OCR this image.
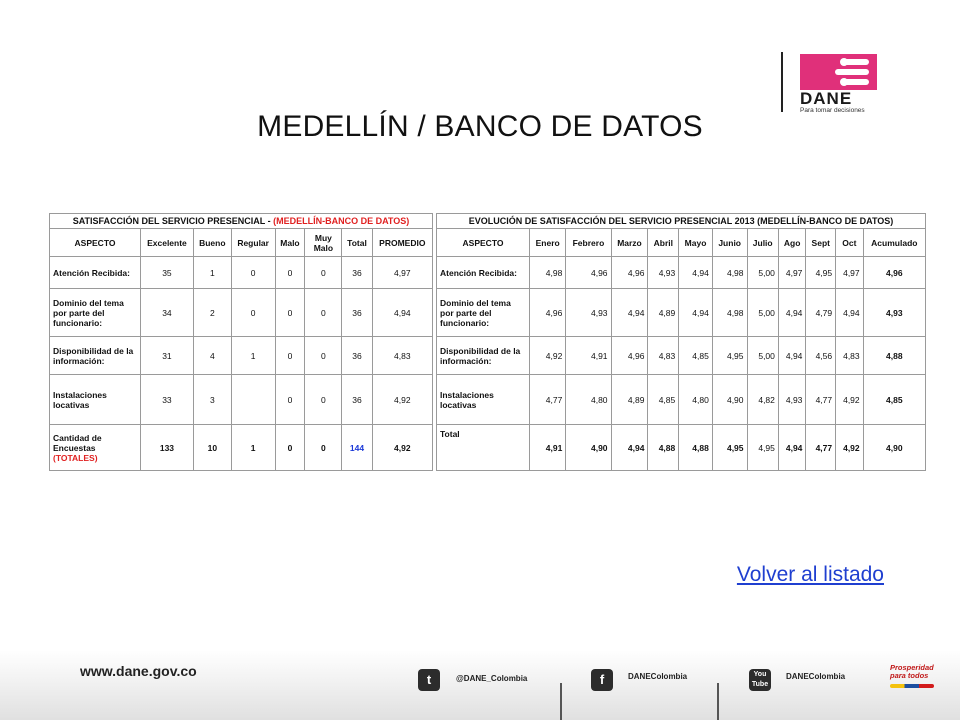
DANE
Para tomar decisiones
MEDELLÍN / BANCO DE DATOS
SATISFACCIÓN DEL SERVICIO PRESENCIAL - (MEDELLÍN-BANCO DE DATOS)							
ASPECTO	Excelente	Bueno	Regular	Malo	Muy Malo	Total	PROMEDIO
Atención Recibida:	35	1	0	0	0	36	4,97
Dominio del tema por parte del funcionario:	34	2	0	0	0	36	4,94
Disponibilidad de la información:	31	4	1	0	0	36	4,83
Instalaciones locativas	33	3		0	0	36	4,92
Cantidad de Encuestas (TOTALES)	133	10	1	0	0	144	4,92
EVOLUCIÓN DE SATISFACCIÓN DEL SERVICIO PRESENCIAL 2013 (MEDELLÍN-BANCO DE DATOS)											
ASPECTO	Enero	Febrero	Marzo	Abril	Mayo	Junio	Julio	Ago	Sept	Oct	Acumulado
Atención Recibida:	4,98	4,96	4,96	4,93	4,94	4,98	5,00	4,97	4,95	4,97	4,96
Dominio del tema por parte del funcionario:	4,96	4,93	4,94	4,89	4,94	4,98	5,00	4,94	4,79	4,94	4,93
Disponibilidad de la información:	4,92	4,91	4,96	4,83	4,85	4,95	5,00	4,94	4,56	4,83	4,88
Instalaciones locativas	4,77	4,80	4,89	4,85	4,80	4,90	4,82	4,93	4,77	4,92	4,85
Total	4,91	4,90	4,94	4,88	4,88	4,95	4,95	4,94	4,77	4,92	4,90
Volver al listado
www.dane.gov.co
t	@DANE_Colombia	f	DANEColombia	You Tube
DANEColombia
Prosperidad para todos
